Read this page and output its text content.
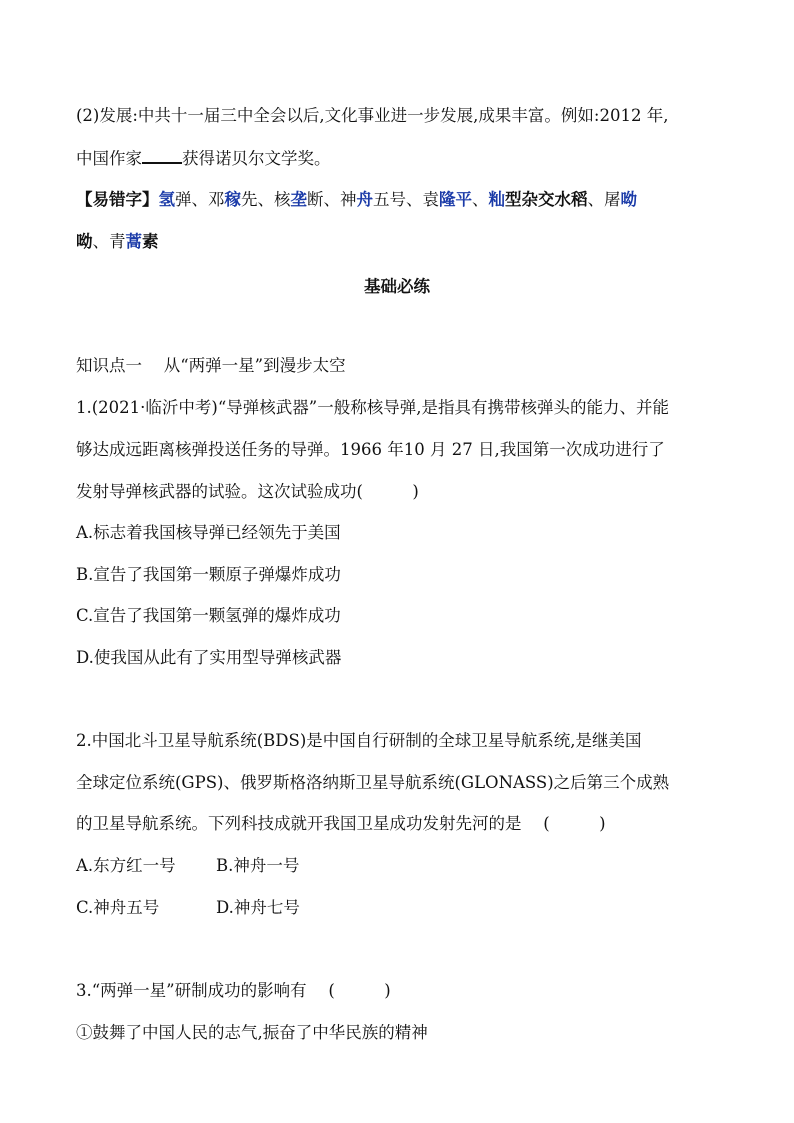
(2)发展:中共十一届三中全会以后,文化事业进一步发展,成果丰富。例如:2012 年,
中国作家 获得诺贝尔文学奖。
【易错字】氢弹、邓稼先、核垄断、神舟五号、袁隆平、籼型杂交水稻、屠呦
呦、青蒿素
基础必练
知识点一　 从“两弹一星”到漫步太空
1.(2021·临沂中考)“导弹核武器”一般称核导弹,是指具有携带核弹头的能力、并能
够达成远距离核弹投送任务的导弹。1966 年10 月 27 日,我国第一次成功进行了
发射导弹核武器的试验。这次试验成功(　　　)
A.标志着我国核导弹已经领先于美国
B.宣告了我国第一颗原子弹爆炸成功
C.宣告了我国第一颗氢弹的爆炸成功
D.使我国从此有了实用型导弹核武器
2.中国北斗卫星导航系统(BDS)是中国自行研制的全球卫星导航系统,是继美国
全球定位系统(GPS)、俄罗斯格洛纳斯卫星导航系统(GLONASS)之后第三个成熟
的卫星导航系统。下列科技成就开我国卫星成功发射先河的是　 (　　　)
A.东方红一号 B.神舟一号
C.神舟五号	D.神舟七号
3.“两弹一星”研制成功的影响有　 (　　　)
①鼓舞了中国人民的志气,振奋了中华民族的精神
